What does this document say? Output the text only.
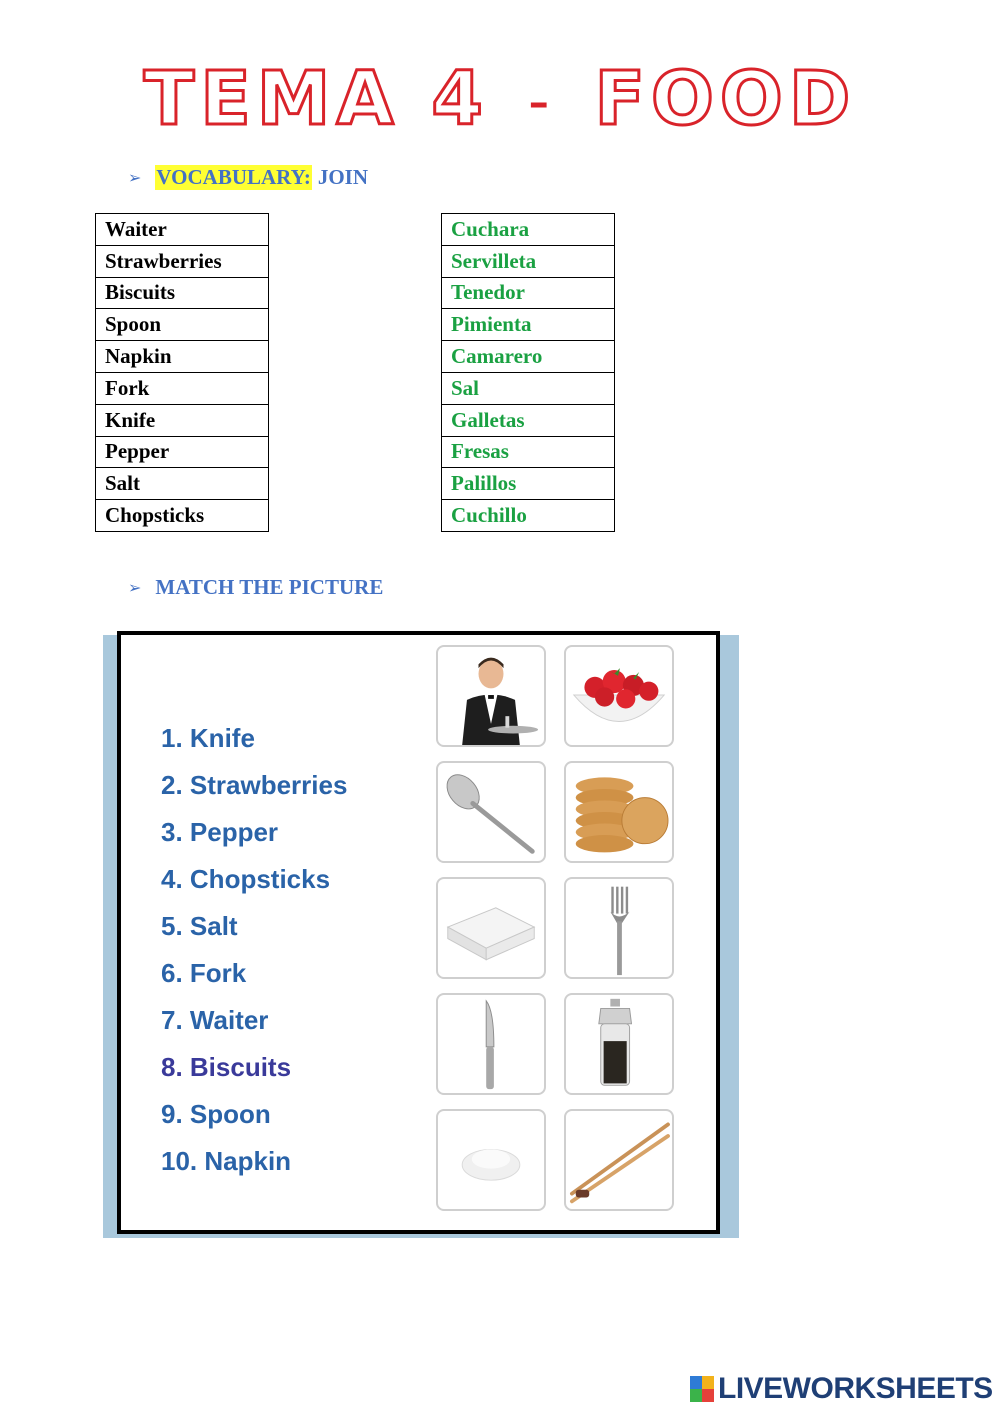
TEMA 4 – FOOD
➢ VOCABULARY: JOIN
Waiter
Strawberries
Biscuits
Spoon
Napkin
Fork
Knife
Pepper
Salt
Chopsticks
Cuchara
Servilleta
Tenedor
Pimienta
Camarero
Sal
Galletas
Fresas
Palillos
Cuchillo
➢ MATCH THE PICTURE
1. Knife
2. Strawberries
3. Pepper
4. Chopsticks
5. Salt
6. Fork
7. Waiter
8. Biscuits
9. Spoon
10. Napkin
LIVEWORKSHEETS
